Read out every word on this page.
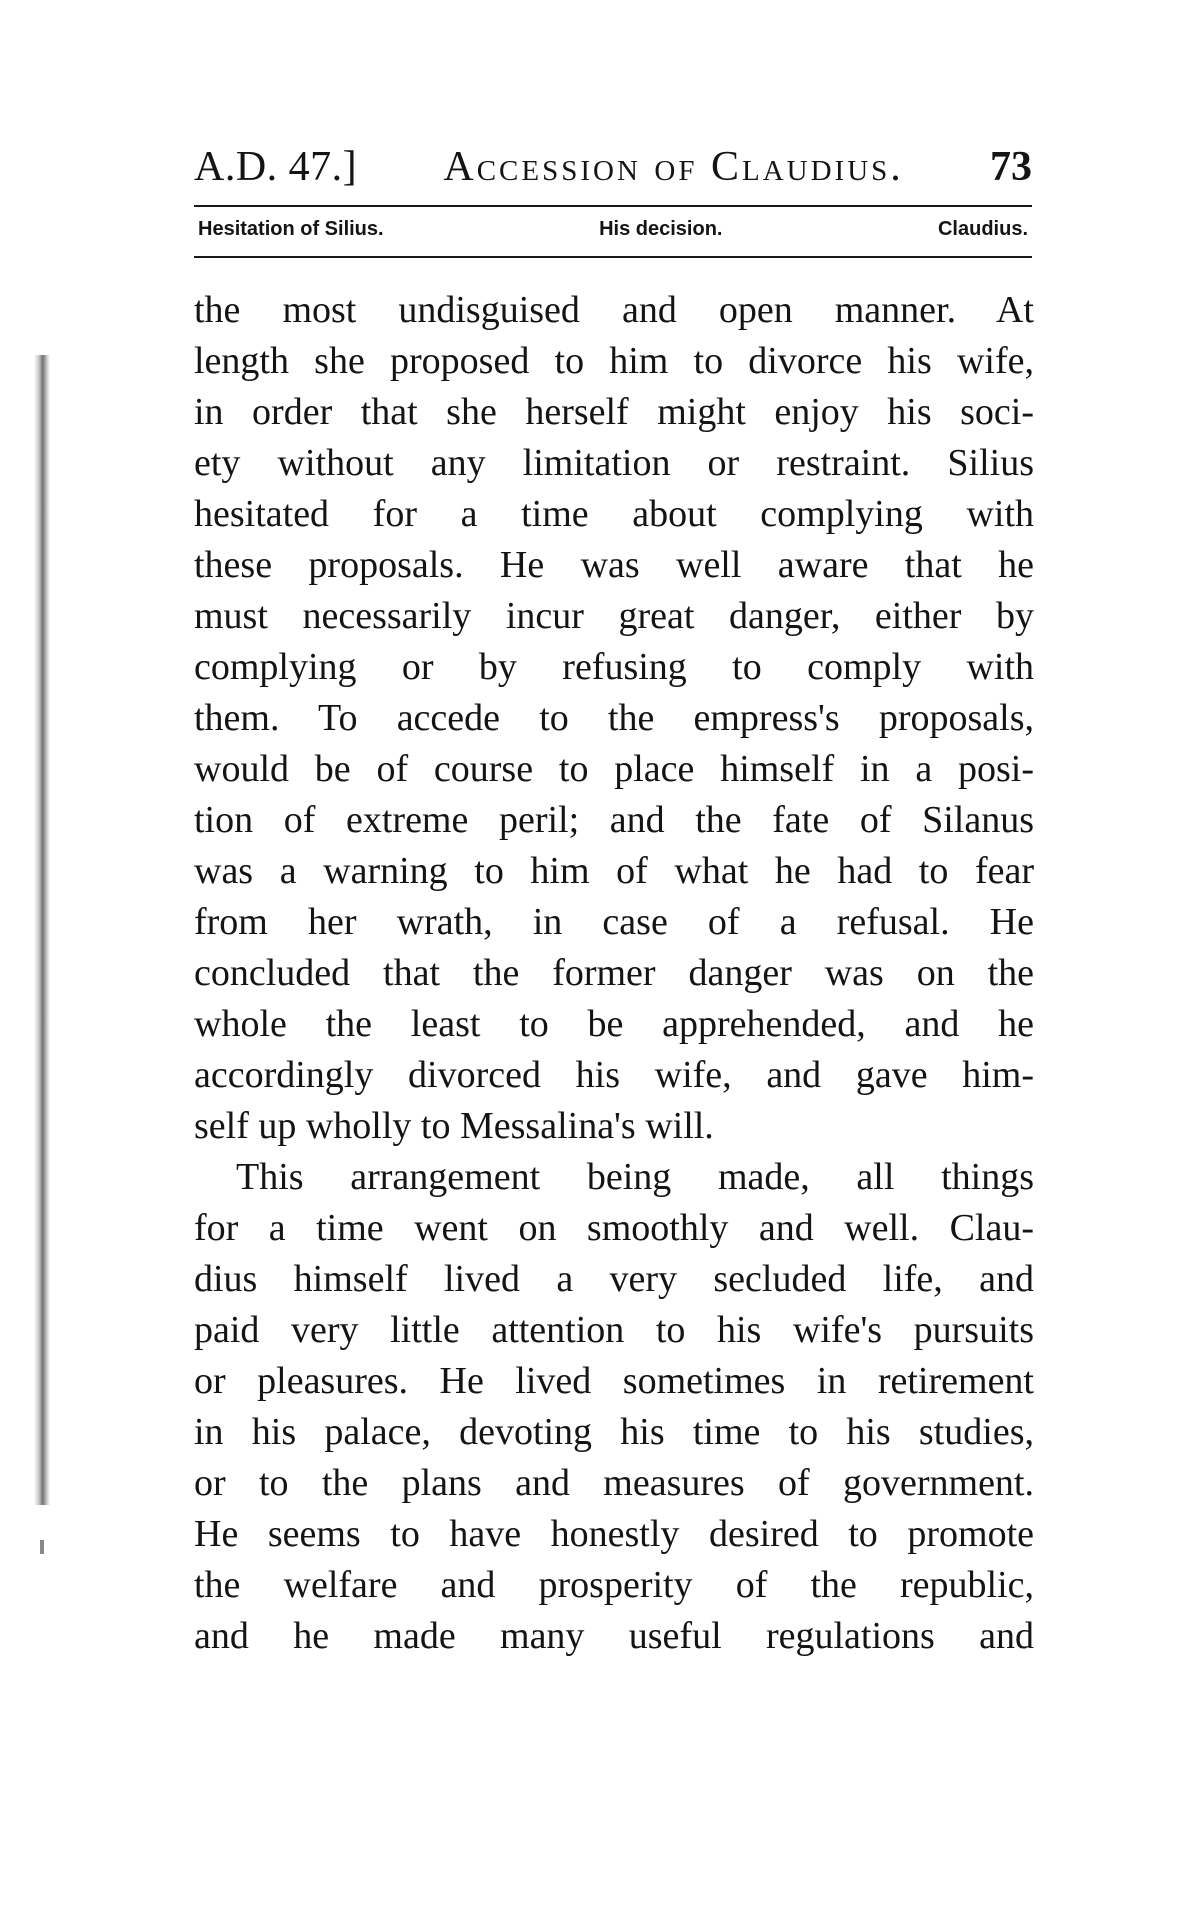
A.D. 47.] Accession of Claudius. 73
Hesitation of Silius.	His decision.	Claudius.
the most undisguised and open manner. At
length she proposed to him to divorce his wife,
in order that she herself might enjoy his soci-
ety without any limitation or restraint. Silius
hesitated for a time about complying with
these proposals. He was well aware that he
must necessarily incur great danger, either by
complying or by refusing to comply with
them. To accede to the empress's proposals,
would be of course to place himself in a posi-
tion of extreme peril; and the fate of Silanus
was a warning to him of what he had to fear
from her wrath, in case of a refusal. He
concluded that the former danger was on the
whole the least to be apprehended, and he
accordingly divorced his wife, and gave him-
self up wholly to Messalina's will.
This arrangement being made, all things
for a time went on smoothly and well. Clau-
dius himself lived a very secluded life, and
paid very little attention to his wife's pursuits
or pleasures. He lived sometimes in retirement
in his palace, devoting his time to his studies,
or to the plans and measures of government.
He seems to have honestly desired to promote
the welfare and prosperity of the republic,
and he made many useful regulations and
